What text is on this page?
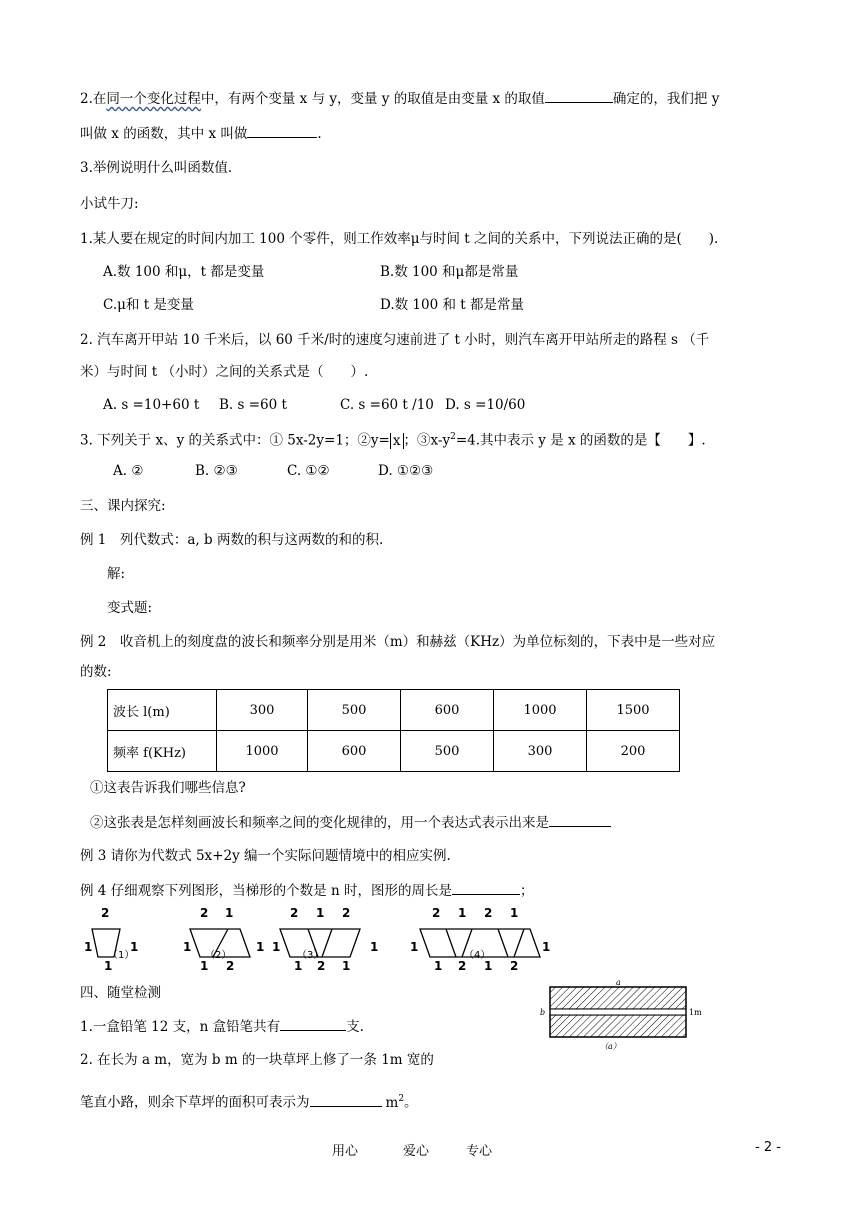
2.在同一个变化过程中，有两个变量 x 与 y，变量 y 的取值是由变量 x 的取值	确定的，我们把 y
叫做 x 的函数，其中 x 叫做	.
3.举例说明什么叫函数值.
小试牛刀:
1.某人要在规定的时间内加工 100 个零件，则工作效率μ与时间 t 之间的关系中，下列说法正确的是(　　).
A.数 100 和μ，t 都是变量	B.数 100 和μ都是常量
C.μ和 t 是变量	D.数 100 和 t 都是常量
2. 汽车离开甲站 10 千米后，以 60 千米/时的速度匀速前进了 t 小时，则汽车离开甲站所走的路程 s （千
米）与时间 t （小时）之间的关系式是（　　）.
A. s =10+60 t B. s =60 t	C. s =60 t /10 D. s =10/60
3. 下列关于 x、y 的关系式中：① 5x-2y=1；②y= x ；$③x-y^2=4$.其中表示 y 是 x 的函数的是【　　】.
A. ②	B. ②③	C. ①②	D. ①②③
三、课内探究:
例 1　列代数式：a, b 两数的积与这两数的和的积.
解:
变式题:
例 2　收音机上的刻度盘的波长和频率分别是用米（m）和赫兹（KHz）为单位标刻的，下表中是一些对应
的数:
波长 l(m)	300	500	600	1000	1500
频率 f(KHz)	1000	600	500	300	200
①这表告诉我们哪些信息?
②这张表是怎样刻画波长和频率之间的变化规律的，用一个表达式表示出来是
例 3 请你为代数式 5x+2y 编一个实际问题情境中的相应实例.
例 4 仔细观察下列图形，当梯形的个数是 n 时，图形的周长是	；
2
1	1
1
（1）
2 1
1	1
1 2
（2）
2 1 2
1	1
1 2 1
（3）
2 1 2 1
1	1
1 2 1 2
（4）
四、随堂检测
1.一盒铅笔 12 支，n 盒铅笔共有	支.
2. 在长为 a m，宽为 b m 的一块草坪上修了一条 1m 宽的
笔直小路，则余下草坪的面积可表示为	$m^2$。
a
b	1m
（a）
用心	爱心	专心	- 2 -
